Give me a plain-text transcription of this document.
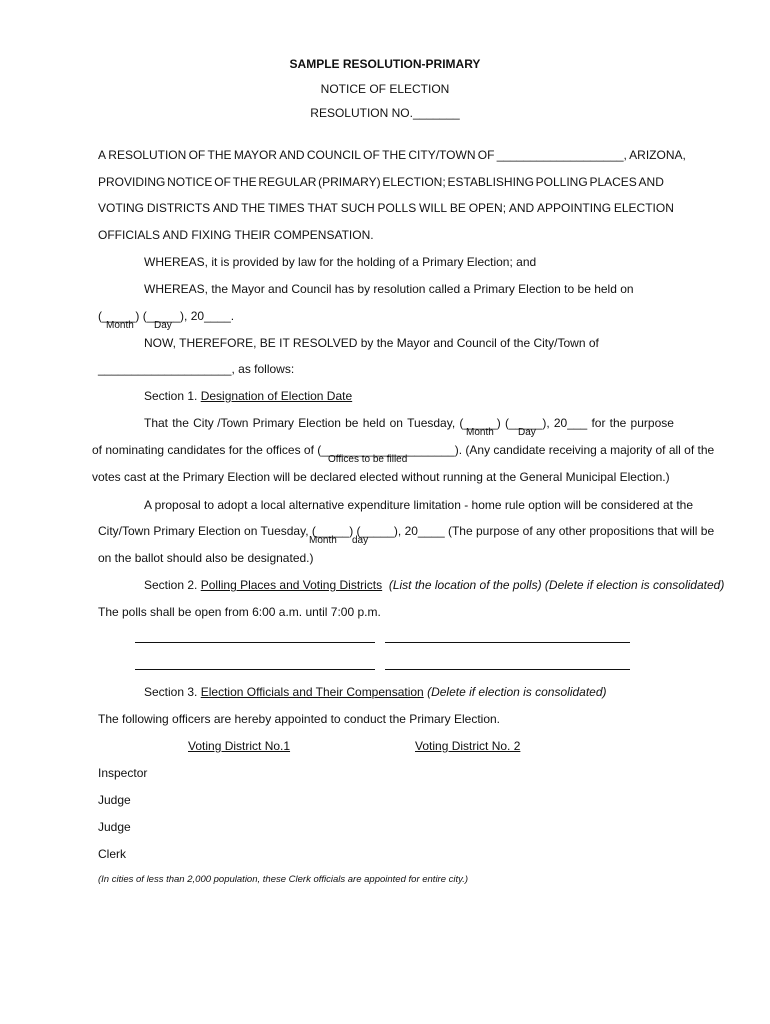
SAMPLE RESOLUTION-PRIMARY
NOTICE OF ELECTION
RESOLUTION NO._______
A RESOLUTION OF THE MAYOR AND COUNCIL OF THE CITY/TOWN OF ___________________, ARIZONA,
PROVIDING NOTICE OF THE REGULAR (PRIMARY) ELECTION; ESTABLISHING POLLING PLACES AND
VOTING DISTRICTS AND THE TIMES THAT SUCH POLLS WILL BE OPEN; AND APPOINTING ELECTION
OFFICIALS AND FIXING THEIR COMPENSATION.
WHEREAS, it is provided by law for the holding of a Primary Election; and
WHEREAS, the Mayor and Council has by resolution called a Primary Election to be held on
(_____) (_____), 20____.
Month Day
NOW, THEREFORE, BE IT RESOLVED by the Mayor and Council of the City/Town of
____________________, as follows:
Section 1. Designation of Election Date
That the City /Town Primary Election be held on Tuesday, (_____) (_____), 20___ for the purpose
Month Day
of nominating candidates for the offices of (____________________). (Any candidate receiving a majority of all of the
Offices to be filled
votes cast at the Primary Election will be declared elected without running at the General Municipal Election.)
A proposal to adopt a local alternative expenditure limitation - home rule option will be considered at the
City/Town Primary Election on Tuesday, (_____) (_____), 20____ (The purpose of any other propositions that will be
Month day
on the ballot should also be designated.)
Section 2. Polling Places and Voting Districts (List the location of the polls) (Delete if election is consolidated)
The polls shall be open from 6:00 a.m. until 7:00 p.m.
Section 3. Election Officials and Their Compensation (Delete if election is consolidated)
The following officers are hereby appointed to conduct the Primary Election.
Voting District No.1	Voting District No. 2
Inspector
Judge
Judge
Clerk
(In cities of less than 2,000 population, these Clerk officials are appointed for entire city.)
